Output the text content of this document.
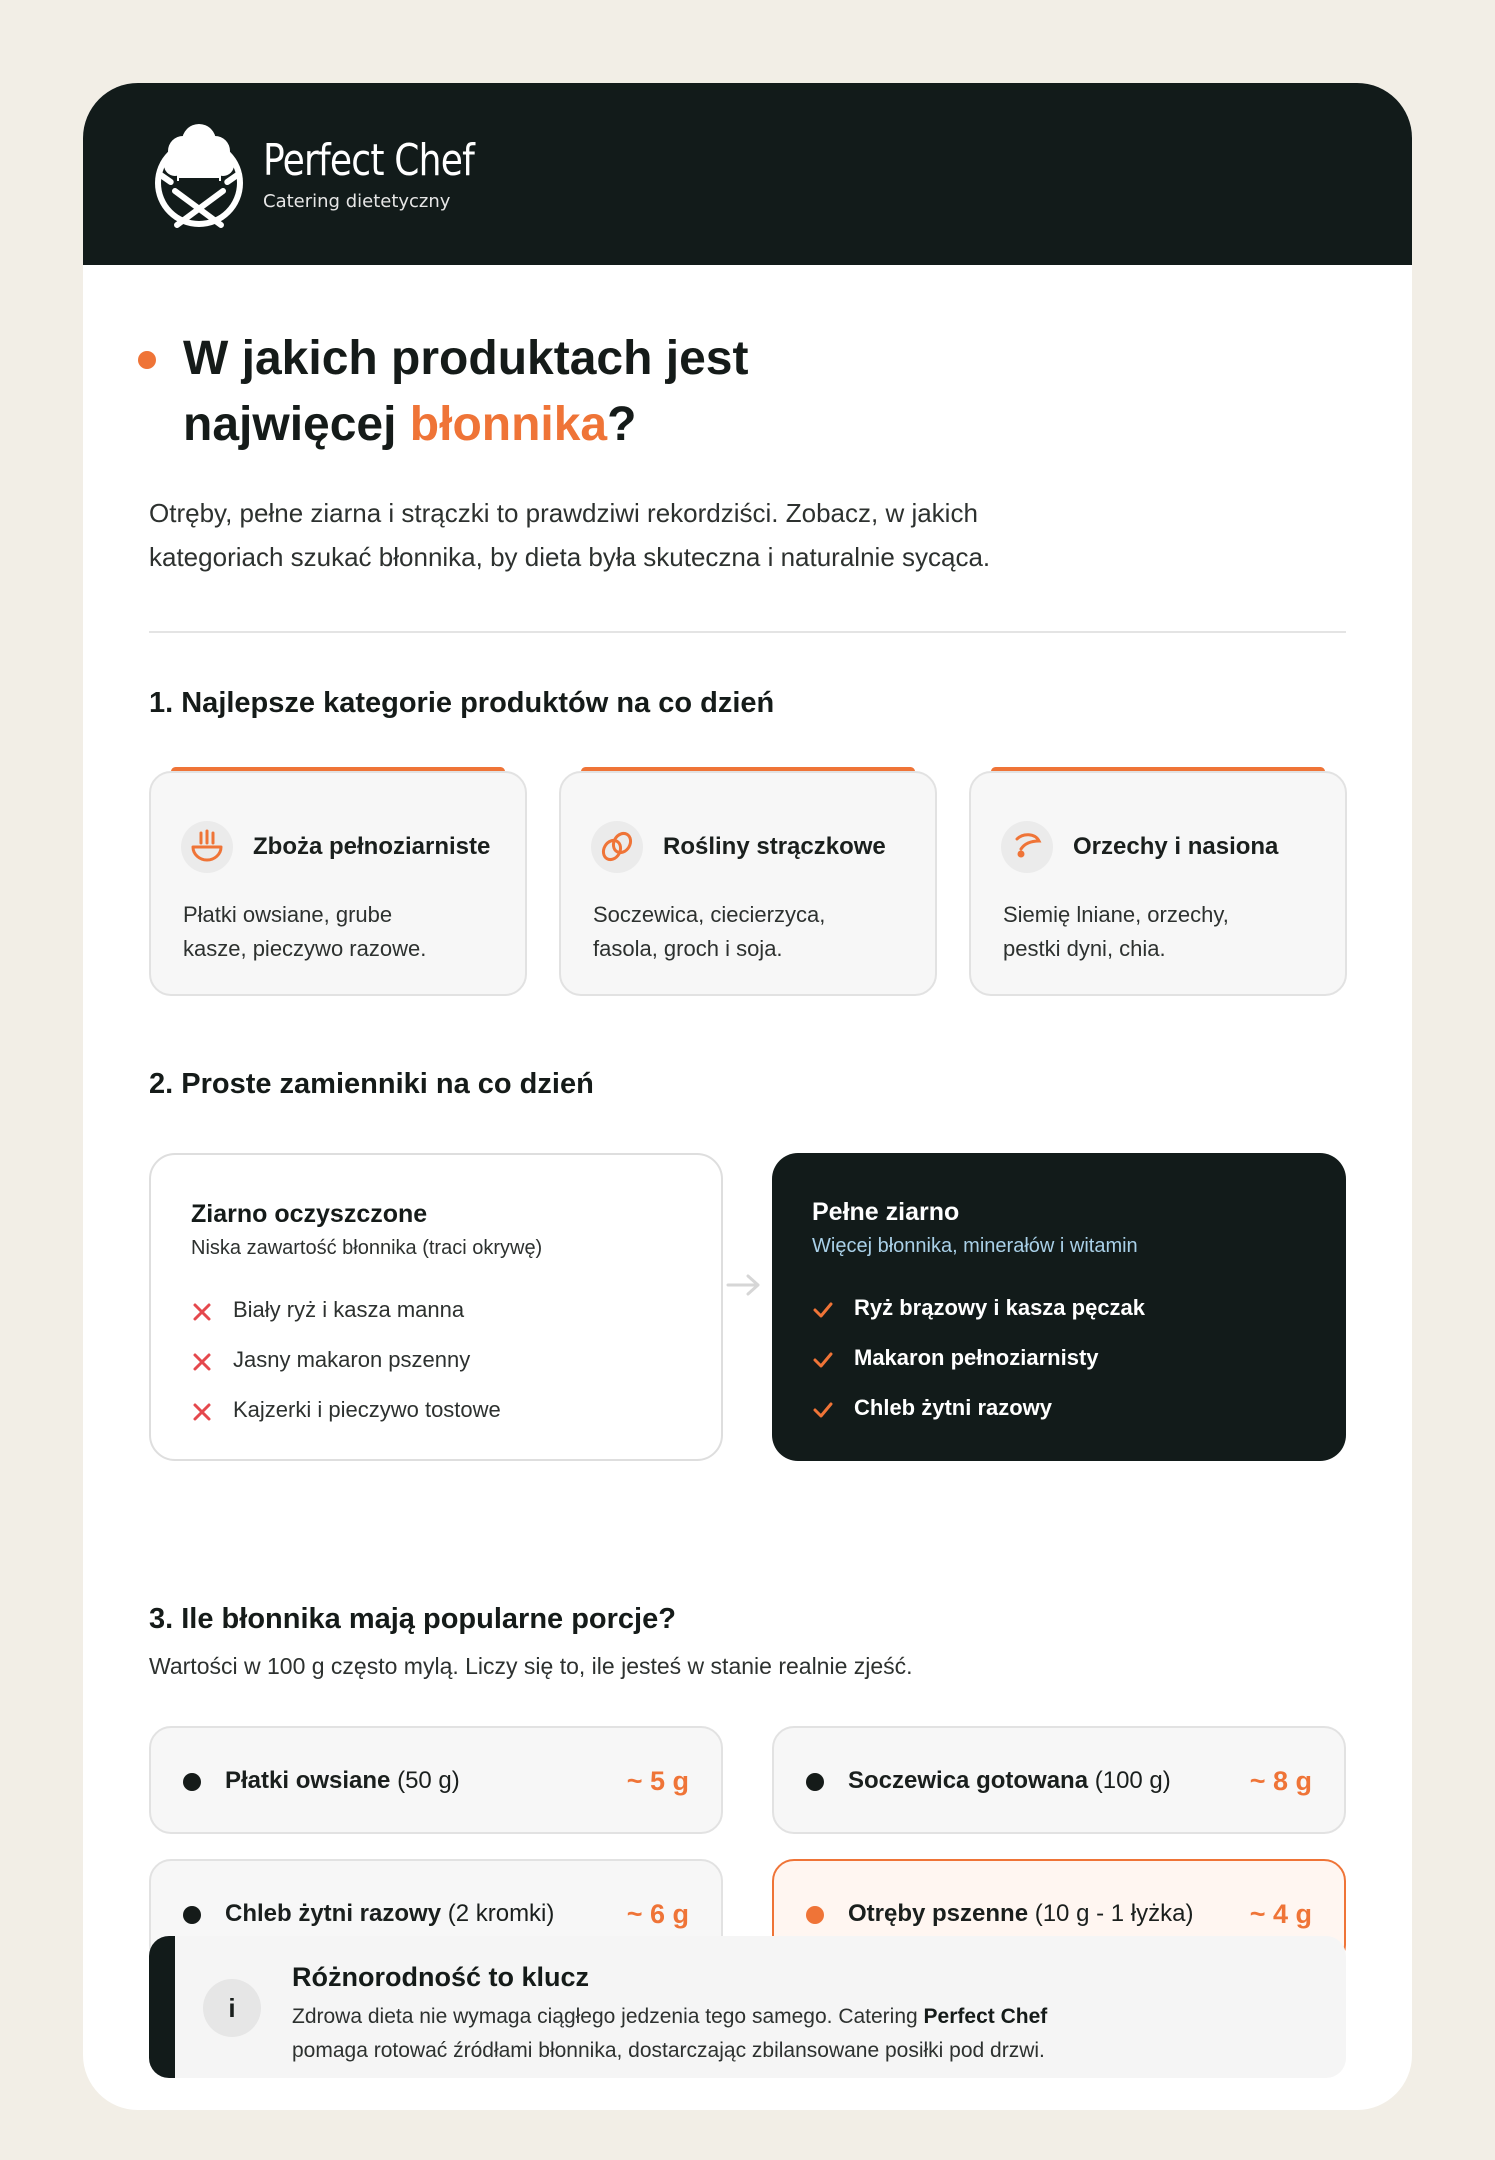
Perfect Chef
Catering dietetyczny
W jakich produktach jest
najwięcej błonnika?

Otręby, pełne ziarna i strączki to prawdziwi rekordziści. Zobacz, w jakich
kategoriach szukać błonnika, by dieta była skuteczna i naturalnie sycąca.

1. Najlepsze kategorie produktów na co dzień
Zboża pełnoziarniste
Płatki owsiane, grube
kasze, pieczywo razowe.
Rośliny strączkowe
Soczewica, ciecierzyca,
fasola, groch i soja.
Orzechy i nasiona
Siemię lniane, orzechy,
pestki dyni, chia.
2. Proste zamienniki na co dzień
Ziarno oczyszczone
Niska zawartość błonnika (traci okrywę)
Biały ryż i kasza manna
Jasny makaron pszenny
Kajzerki i pieczywo tostowe
Pełne ziarno
Więcej błonnika, minerałów i witamin
Ryż brązowy i kasza pęczak
Makaron pełnoziarnisty
Chleb żytni razowy
3. Ile błonnika mają popularne porcje?

Wartości w 100 g często mylą. Liczy się to, ile jesteś w stanie realnie zjeść.

Płatki owsiane (50 g)	~ 5 g	Soczewica gotowana (100 g)	~ 8 g
Chleb żytni razowy (2 kromki)	~ 6 g	Otręby pszenne (10 g - 1 łyżka) ~ 4 g
i
Różnorodność to klucz
Zdrowa dieta nie wymaga ciągłego jedzenia tego samego. Catering Perfect Chef
pomaga rotować źródłami błonnika, dostarczając zbilansowane posiłki pod drzwi.
